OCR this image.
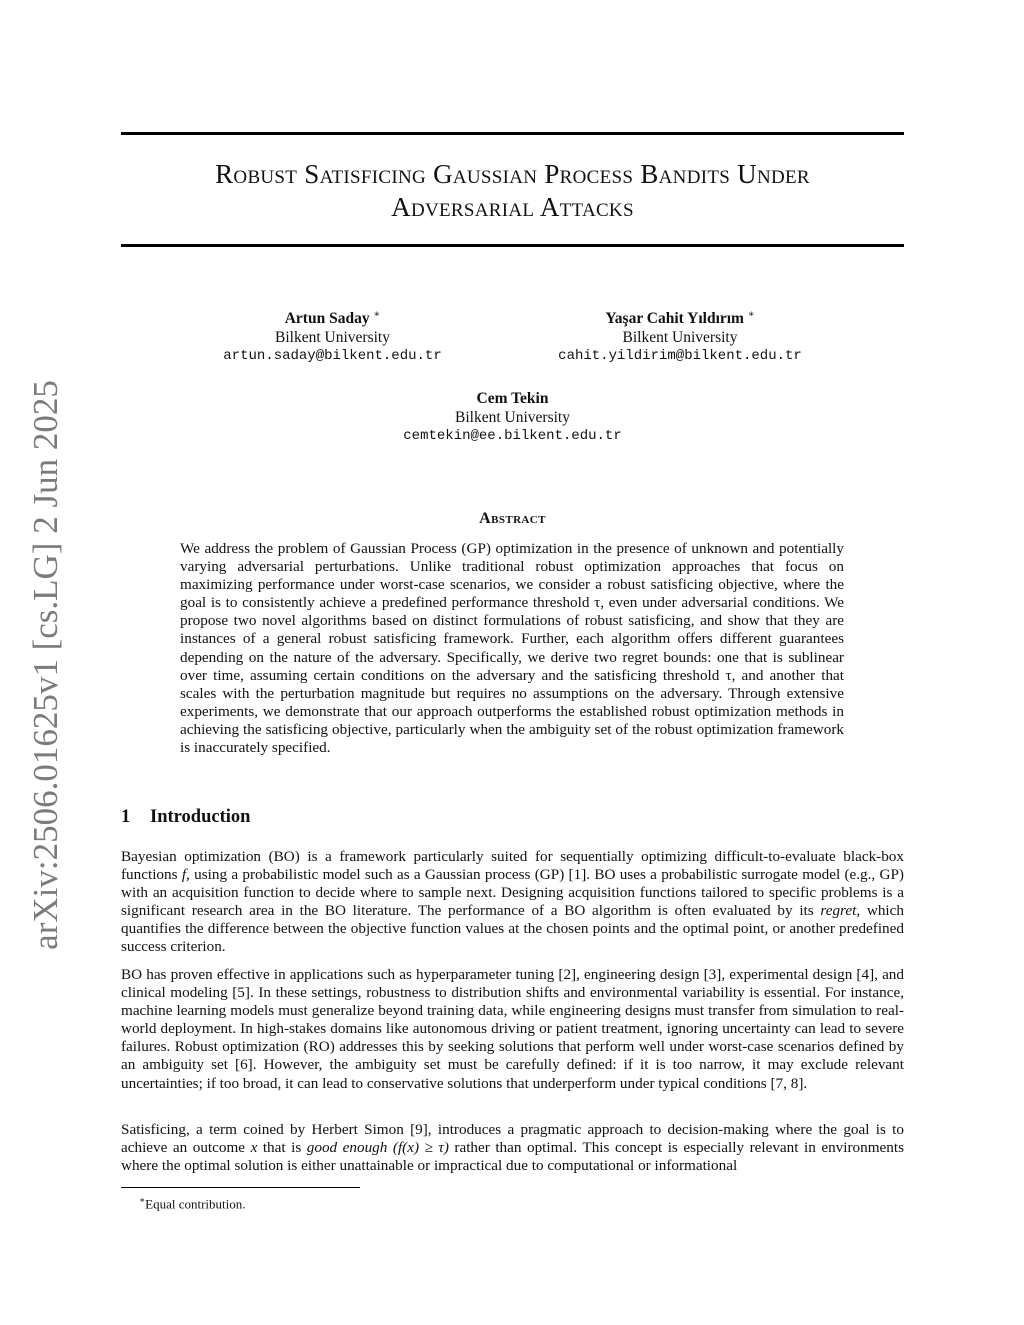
arXiv:2506.01625v1 [cs.LG] 2 Jun 2025
Robust Satisficing Gaussian Process Bandits Under
Adversarial Attacks
Artun Saday ∗
Bilkent University
artun.saday@bilkent.edu.tr
Yaşar Cahit Yıldırım ∗
Bilkent University
cahit.yildirim@bilkent.edu.tr
Cem Tekin
Bilkent University
cemtekin@ee.bilkent.edu.tr
Abstract
We address the problem of Gaussian Process (GP) optimization in the presence of unknown and potentially varying adversarial perturbations. Unlike traditional robust optimization approaches that focus on maximizing performance under worst-case scenarios, we consider a robust satisficing objective, where the goal is to consistently achieve a predefined performance threshold τ, even under adversarial conditions. We propose two novel algorithms based on distinct formulations of robust satisficing, and show that they are instances of a general robust satisficing framework. Further, each algorithm offers different guarantees depending on the nature of the adversary. Specifically, we derive two regret bounds: one that is sublinear over time, assuming certain conditions on the adversary and the satisficing threshold τ, and another that scales with the perturbation magnitude but requires no assumptions on the adversary. Through extensive experiments, we demonstrate that our approach outperforms the established robust optimization methods in achieving the satisficing objective, particularly when the ambiguity set of the robust optimization framework is inaccurately specified.
1 Introduction

Bayesian optimization (BO) is a framework particularly suited for sequentially optimizing difficult-to-evaluate black-box functions f, using a probabilistic model such as a Gaussian process (GP) [1]. BO uses a probabilistic surrogate model (e.g., GP) with an acquisition function to decide where to sample next. Designing acquisition functions tailored to specific problems is a significant research area in the BO literature. The performance of a BO algorithm is often evaluated by its regret, which quantifies the difference between the objective function values at the chosen points and the optimal point, or another predefined success criterion.

BO has proven effective in applications such as hyperparameter tuning [2], engineering design [3], experimental design [4], and clinical modeling [5]. In these settings, robustness to distribution shifts and environmental variability is essential. For instance, machine learning models must generalize beyond training data, while engineering designs must transfer from simulation to real-world deployment. In high-stakes domains like autonomous driving or patient treatment, ignoring uncertainty can lead to severe failures. Robust optimization (RO) addresses this by seeking solutions that perform well under worst-case scenarios defined by an ambiguity set [6]. However, the ambiguity set must be carefully defined: if it is too narrow, it may exclude relevant uncertainties; if too broad, it can lead to conservative solutions that underperform under typical conditions [7, 8].

Satisficing, a term coined by Herbert Simon [9], introduces a pragmatic approach to decision-making where the goal is to achieve an outcome x that is good enough (f(x) ≥ τ) rather than optimal. This concept is especially relevant in environments where the optimal solution is either unattainable or impractical due to computational or informational

∗Equal contribution.
